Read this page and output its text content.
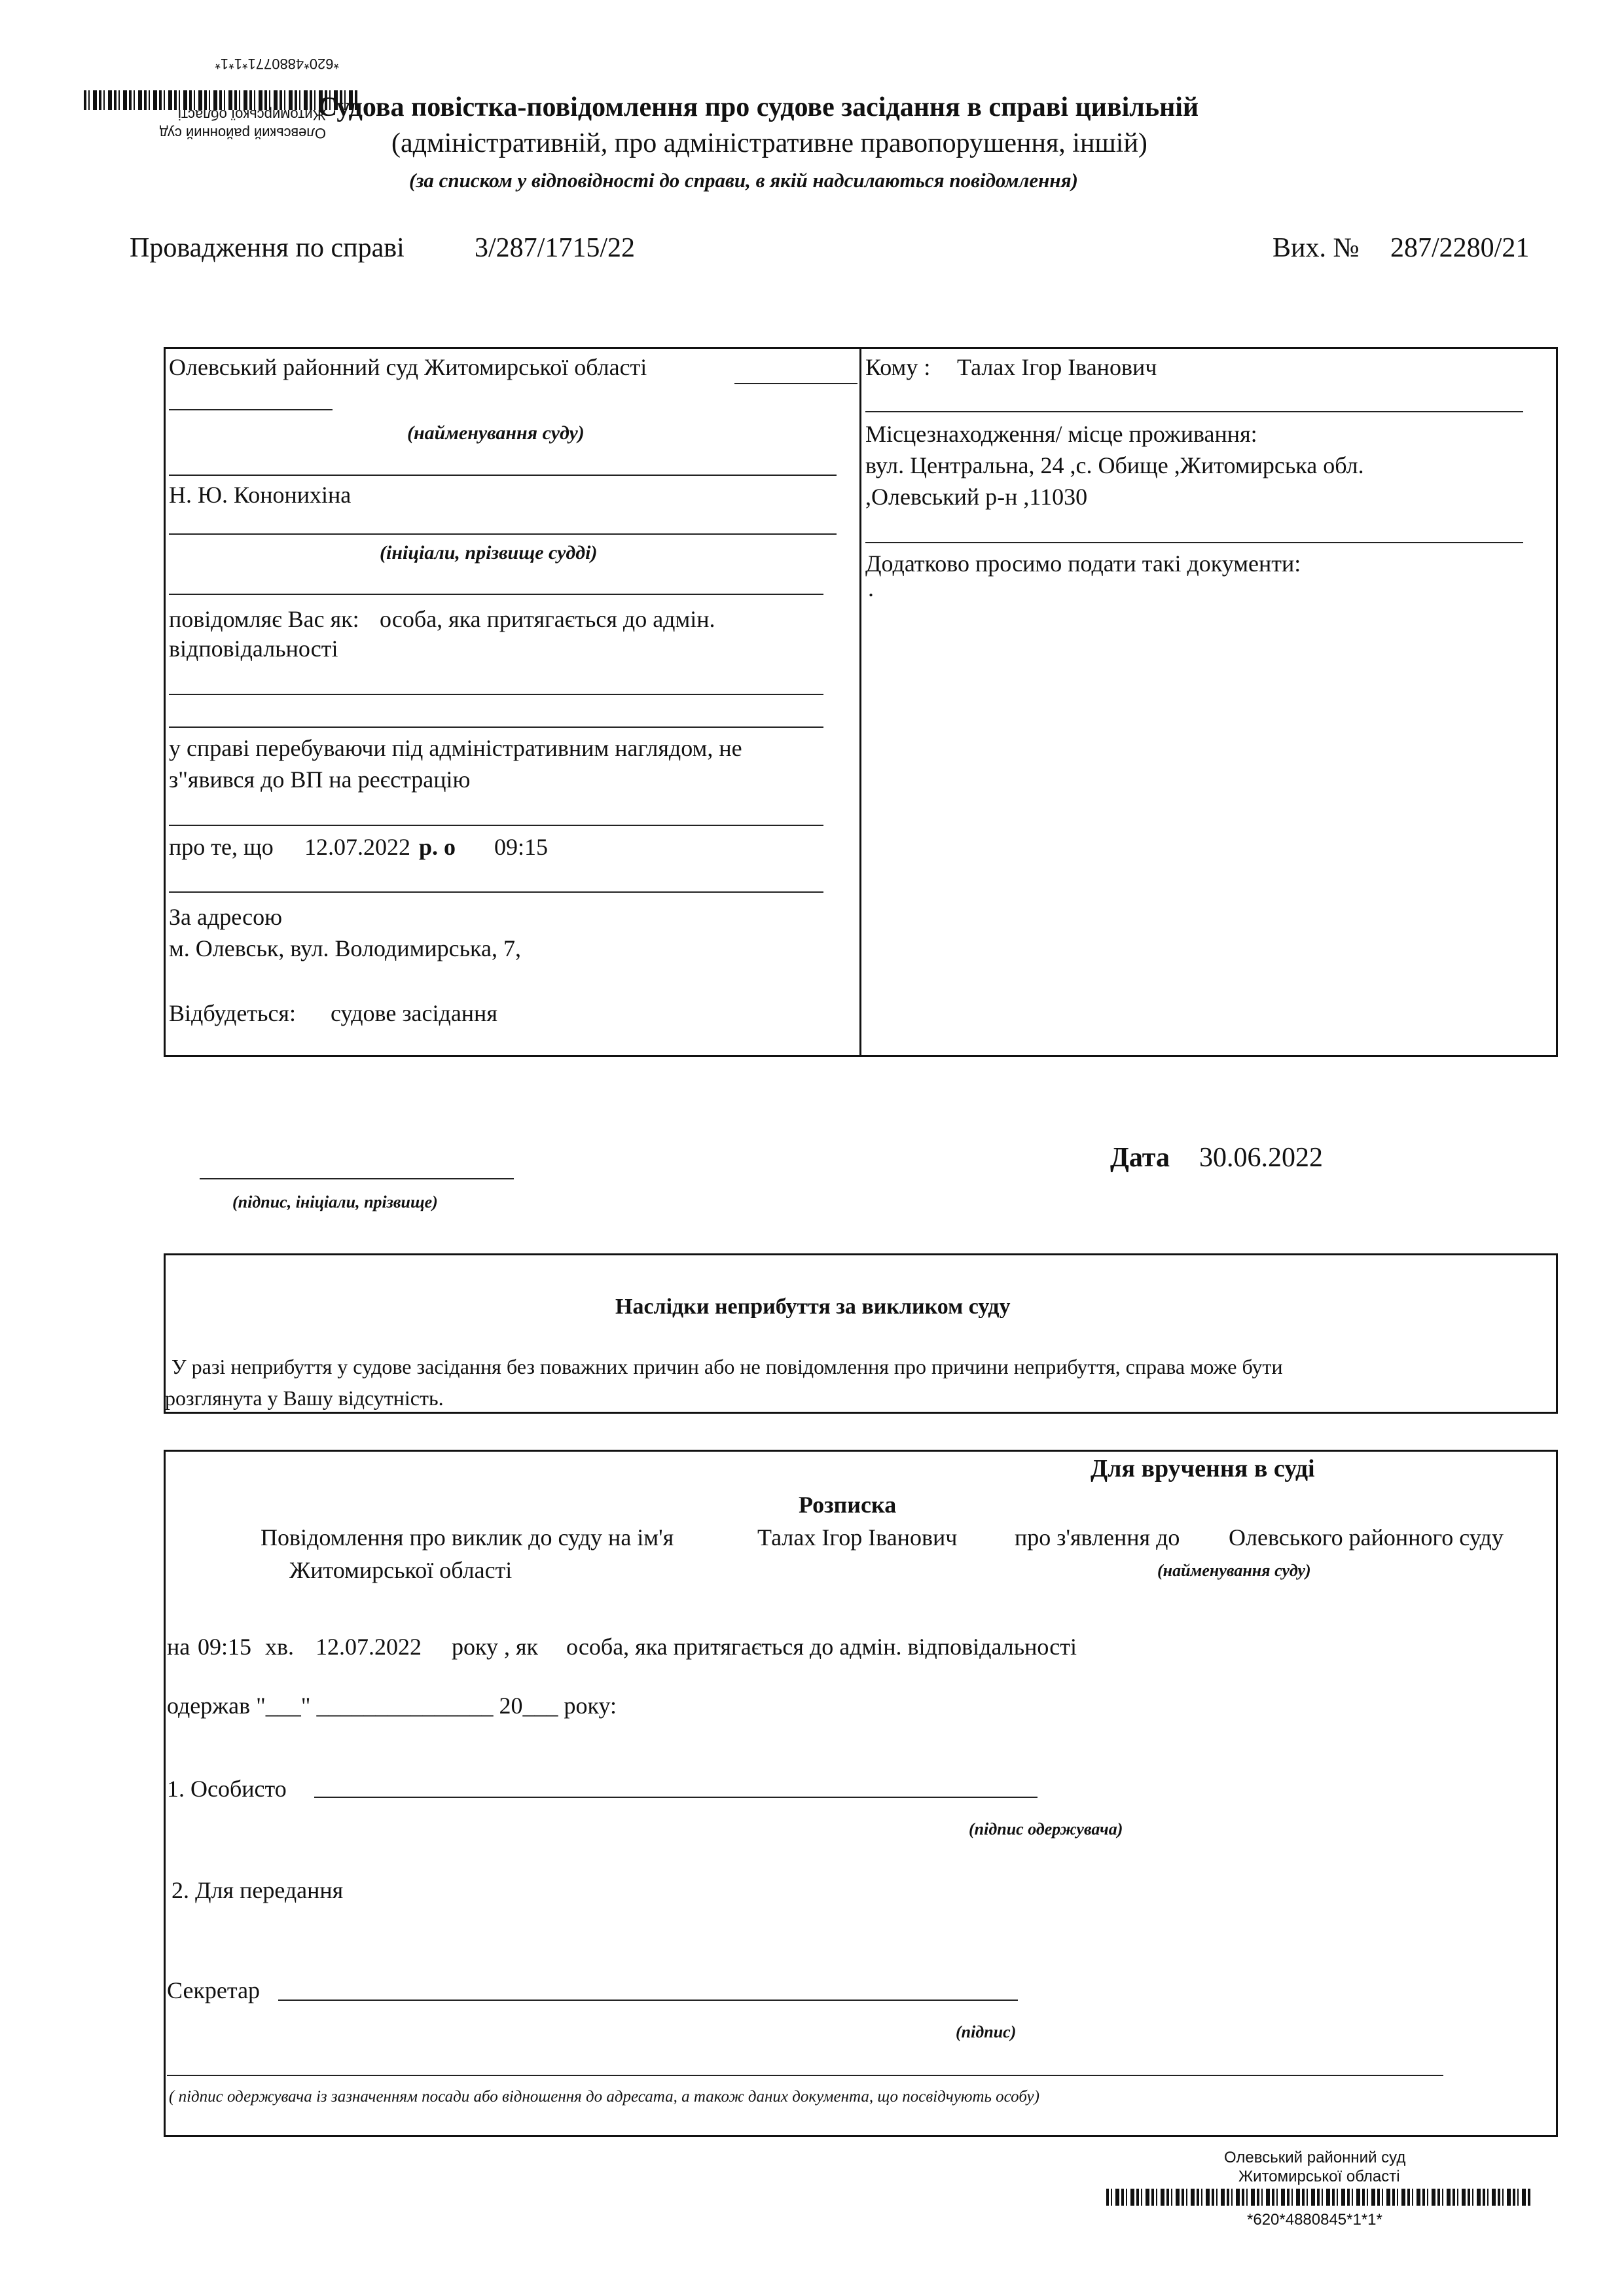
*620*4880771*1*1*
Житомирської області
Олевський районний суд
Судова повістка-повідомлення про судове засідання в справі цивільній
(адміністративній, про адміністративне правопорушення, іншій)
(за списком у відповідності до справи, в якій надсилаються повідомлення)
Провадження по справі	3/287/1715/22	Вих. № 287/2280/21
Олевський районний суд Житомирської області
(найменування суду)
Н. Ю. Кононихіна
(ініціали, прізвище судді)
повідомляє Вас як: особа, яка притягається до адмін.
відповідальності
у справі перебуваючи під адміністративним наглядом, не
з"явився до ВП на реєстрацію
про те, що 12.07.2022 р. о 09:15
За адресою
м. Олевськ, вул. Володимирська, 7,
Відбудеться: судове засідання
Кому : Талах Ігор Іванович
Місцезнаходження/ місце проживання:
вул. Центральна, 24 ,с. Обище ,Житомирська обл.
,Олевський р-н ,11030
Додатково просимо подати такі документи:
.
(підпис, ініціали, прізвище)
Дата 30.06.2022
Наслідки неприбуття за викликом суду
У разі неприбуття у судове засідання без поважних причин або не повідомлення про причини неприбуття, справа може бути
розглянута у Вашу відсутність.
Для вручення в суді
Розписка
Повідомлення про виклик до суду на ім'я	Талах Ігор Іванович про з'явлення до Олевського районного суду
Житомирської області	(найменування суду)
на 09:15 хв. 12.07.2022 року , як особа, яка притягається до адмін. відповідальності
одержав "___" _______________ 20___ року:
1. Особисто
(підпис одержувача)
2. Для передання
Секретар
(підпис)
( підпис одержувача із зазначенням посади або відношення до адресата, а також даних документа, що посвідчують особу)
Олевський районний суд
Житомирської області
*620*4880845*1*1*
